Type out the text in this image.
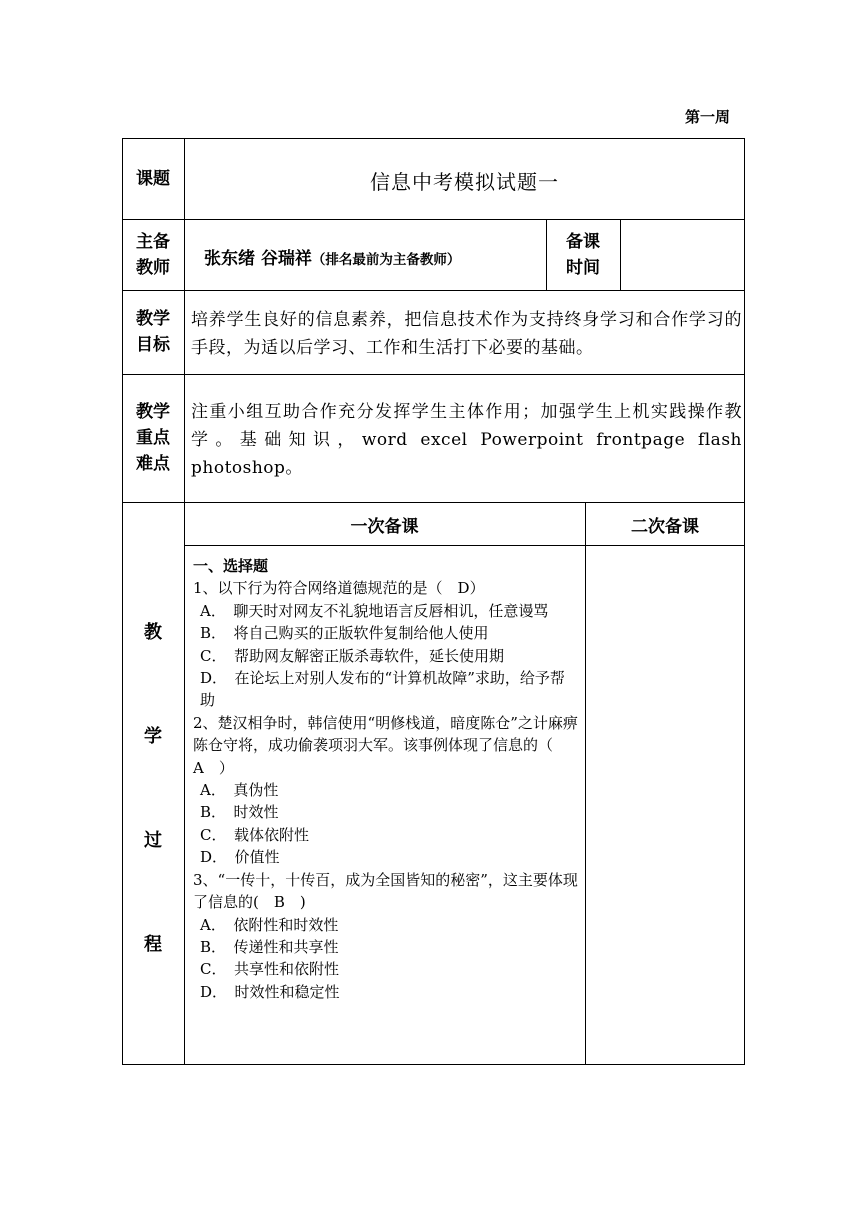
第一周
课题
主备
教师
备课
时间
教学
目标
教学
重点
难点
教
学
过
程
信息中考模拟试题一
张东绪 谷瑞祥（排名最前为主备教师）
培养学生良好的信息素养，把信息技术作为支持终身学习和合作学习的手段，为适以后学习、工作和生活打下必要的基础。
注重小组互助合作充分发挥学生主体作用；加强学生上机实践操作教学。基础知识，word excel Powerpoint frontpage flash photoshop。
一次备课	二次备课
一、选择题
1、以下行为符合网络道德规范的是（　D）
A．　聊天时对网友不礼貌地语言反唇相讥，任意谩骂
B．　将自己购买的正版软件复制给他人使用
C．　帮助网友解密正版杀毒软件，延长使用期
D．　在论坛上对别人发布的“计算机故障”求助，给予帮助
2、楚汉相争时，韩信使用“明修栈道，暗度陈仓”之计麻痹陈仓守将，成功偷袭项羽大军。该事例体现了信息的（　A　）
A．　真伪性
B．　时效性
C．　载体依附性
D．　价值性
3、“一传十，十传百，成为全国皆知的秘密”，这主要体现了信息的(　B　)
A．　依附性和时效性
B．　传递性和共享性
C．　共享性和依附性
D．　时效性和稳定性
